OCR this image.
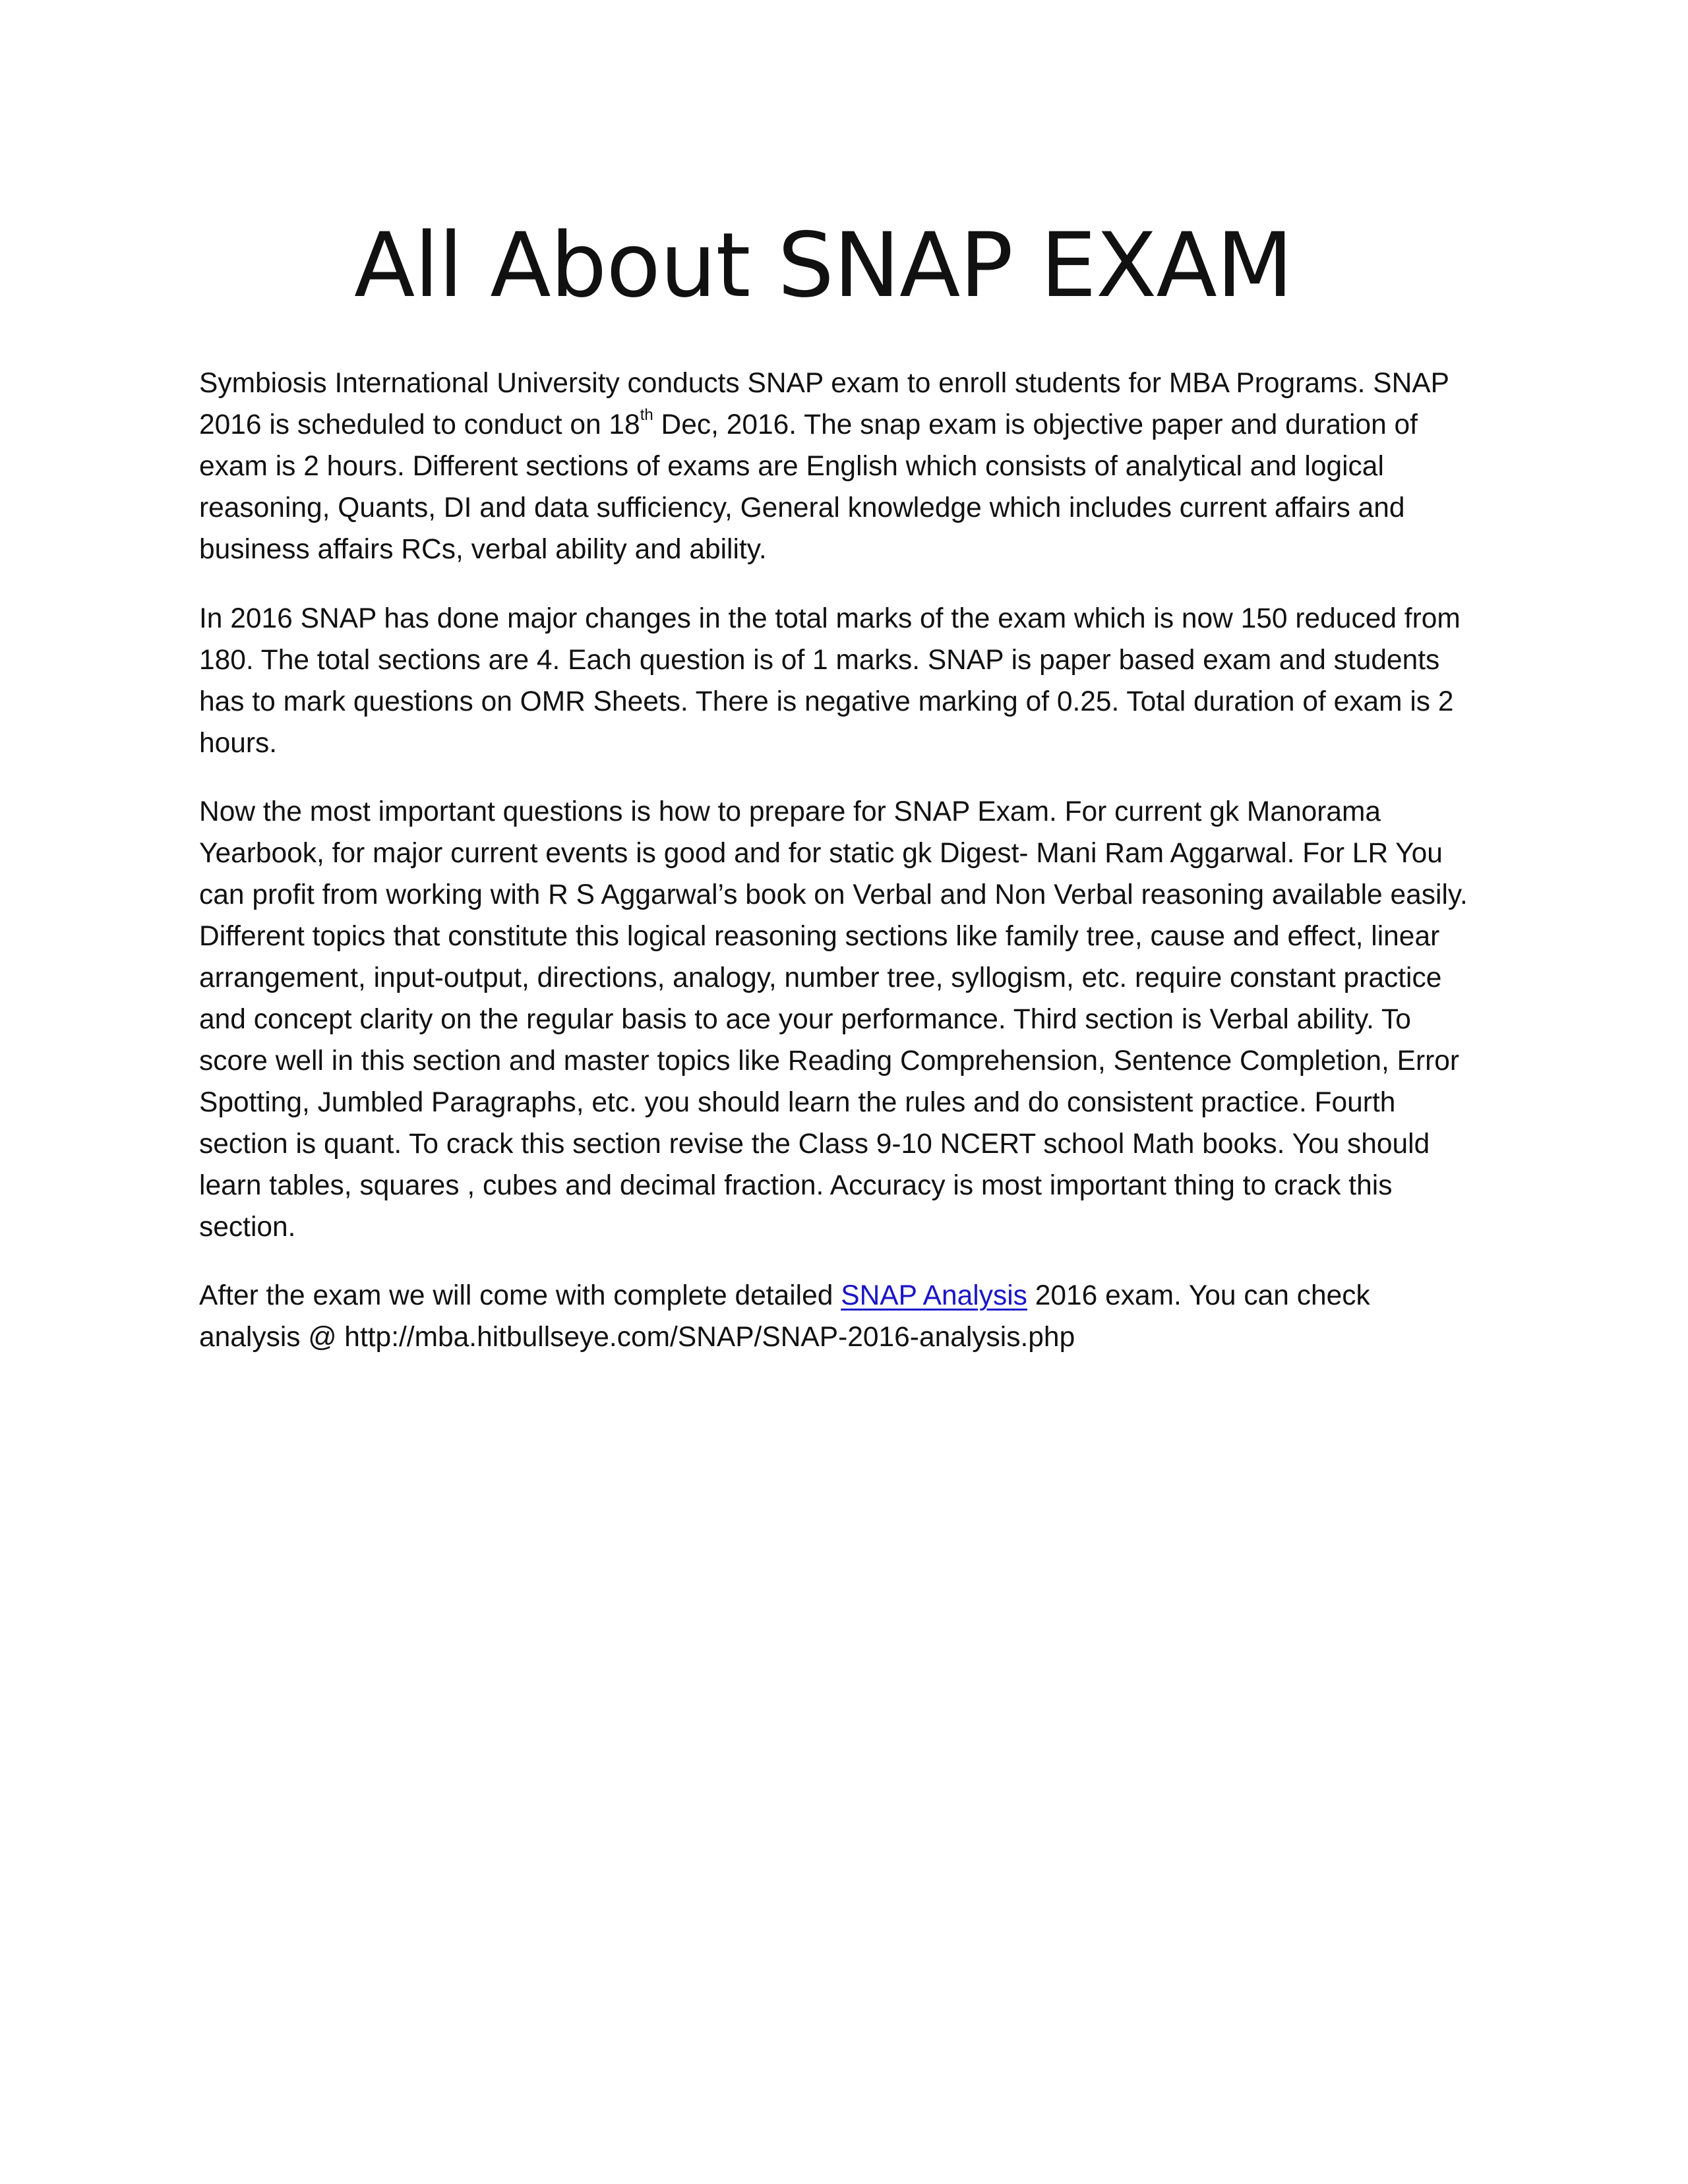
All About SNAP EXAM

Symbiosis International University conducts SNAP exam to enroll students for MBA Programs. SNAP

2016 is scheduled to conduct on 18th Dec, 2016. The snap exam is objective paper and duration of

exam is 2 hours. Different sections of exams are English which consists of analytical and logical

reasoning, Quants, DI and data sufficiency, General knowledge which includes current affairs and

business affairs RCs, verbal ability and ability.

In 2016 SNAP has done major changes in the total marks of the exam which is now 150 reduced from

180. The total sections are 4. Each question is of 1 marks. SNAP is paper based exam and students

has to mark questions on OMR Sheets. There is negative marking of 0.25. Total duration of exam is 2

hours.

Now the most important questions is how to prepare for SNAP Exam. For current gk Manorama

Yearbook, for major current events is good and for static gk Digest- Mani Ram Aggarwal. For LR You

can profit from working with R S Aggarwal’s book on Verbal and Non Verbal reasoning available easily.

Different topics that constitute this logical reasoning sections like family tree, cause and effect, linear

arrangement, input-output, directions, analogy, number tree, syllogism, etc. require constant practice

and concept clarity on the regular basis to ace your performance. Third section is Verbal ability. To

score well in this section and master topics like Reading Comprehension, Sentence Completion, Error

Spotting, Jumbled Paragraphs, etc. you should learn the rules and do consistent practice. Fourth

section is quant. To crack this section revise the Class 9-10 NCERT school Math books. You should

learn tables, squares , cubes and decimal fraction. Accuracy is most important thing to crack this

section.

After the exam we will come with complete detailed SNAP Analysis 2016 exam. You can check

analysis @ http://mba.hitbullseye.com/SNAP/SNAP-2016-analysis.php
